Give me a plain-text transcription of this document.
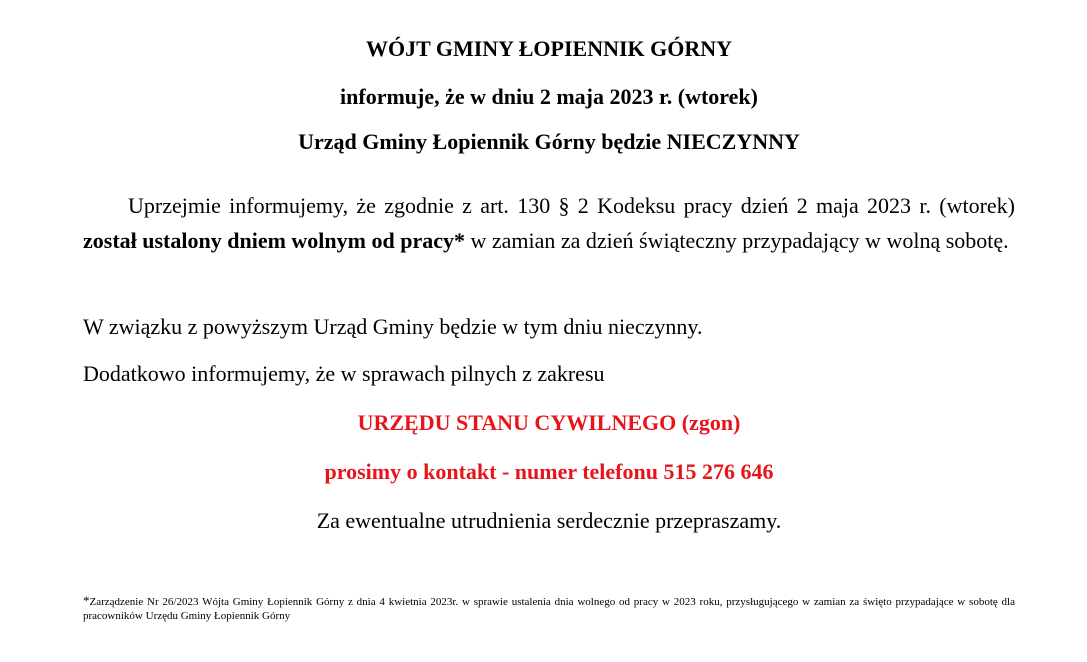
WÓJT GMINY ŁOPIENNIK GÓRNY

informuje, że w dniu 2 maja 2023 r. (wtorek)

Urząd Gminy Łopiennik Górny będzie NIECZYNNY

Uprzejmie informujemy, że zgodnie z art. 130 § 2 Kodeksu pracy dzień 2 maja 2023 r. (wtorek) został ustalony dniem wolnym od pracy* w zamian za dzień świąteczny przypadający w wolną sobotę.

W związku z powyższym Urząd Gminy będzie w tym dniu nieczynny.

Dodatkowo informujemy, że w sprawach pilnych z zakresu

URZĘDU STANU CYWILNEGO (zgon)

prosimy o kontakt - numer telefonu 515 276 646

Za ewentualne utrudnienia serdecznie przepraszamy.

*Zarządzenie Nr 26/2023 Wójta Gminy Łopiennik Górny z dnia 4 kwietnia 2023r. w sprawie ustalenia dnia wolnego od pracy w 2023 roku, przysługującego w zamian za święto przypadające w sobotę dla pracowników Urzędu Gminy Łopiennik Górny
